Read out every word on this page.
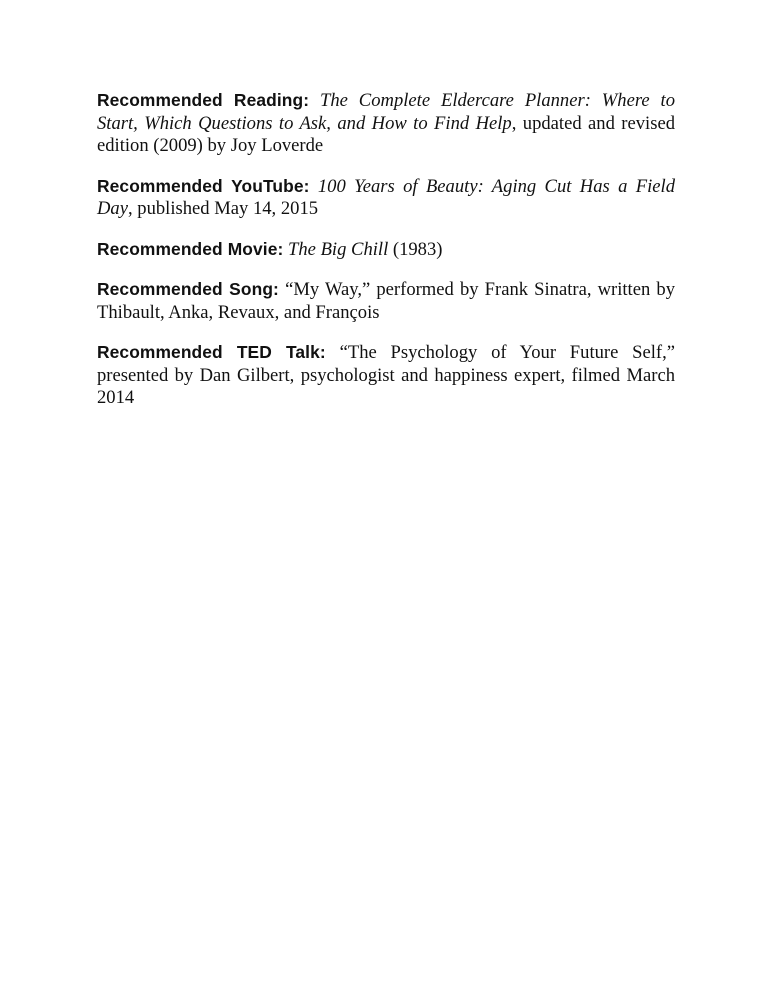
Recommended Reading: The Complete Eldercare Planner: Where to Start, Which Questions to Ask, and How to Find Help, updated and revised edition (2009) by Joy Loverde

Recommended YouTube: 100 Years of Beauty: Aging Cut Has a Field Day, published May 14, 2015

Recommended Movie: The Big Chill (1983)

Recommended Song: “My Way,” performed by Frank Sinatra, written by Thibault, Anka, Revaux, and François

Recommended TED Talk: “The Psychology of Your Future Self,” presented by Dan Gilbert, psychologist and happiness expert, filmed March 2014
